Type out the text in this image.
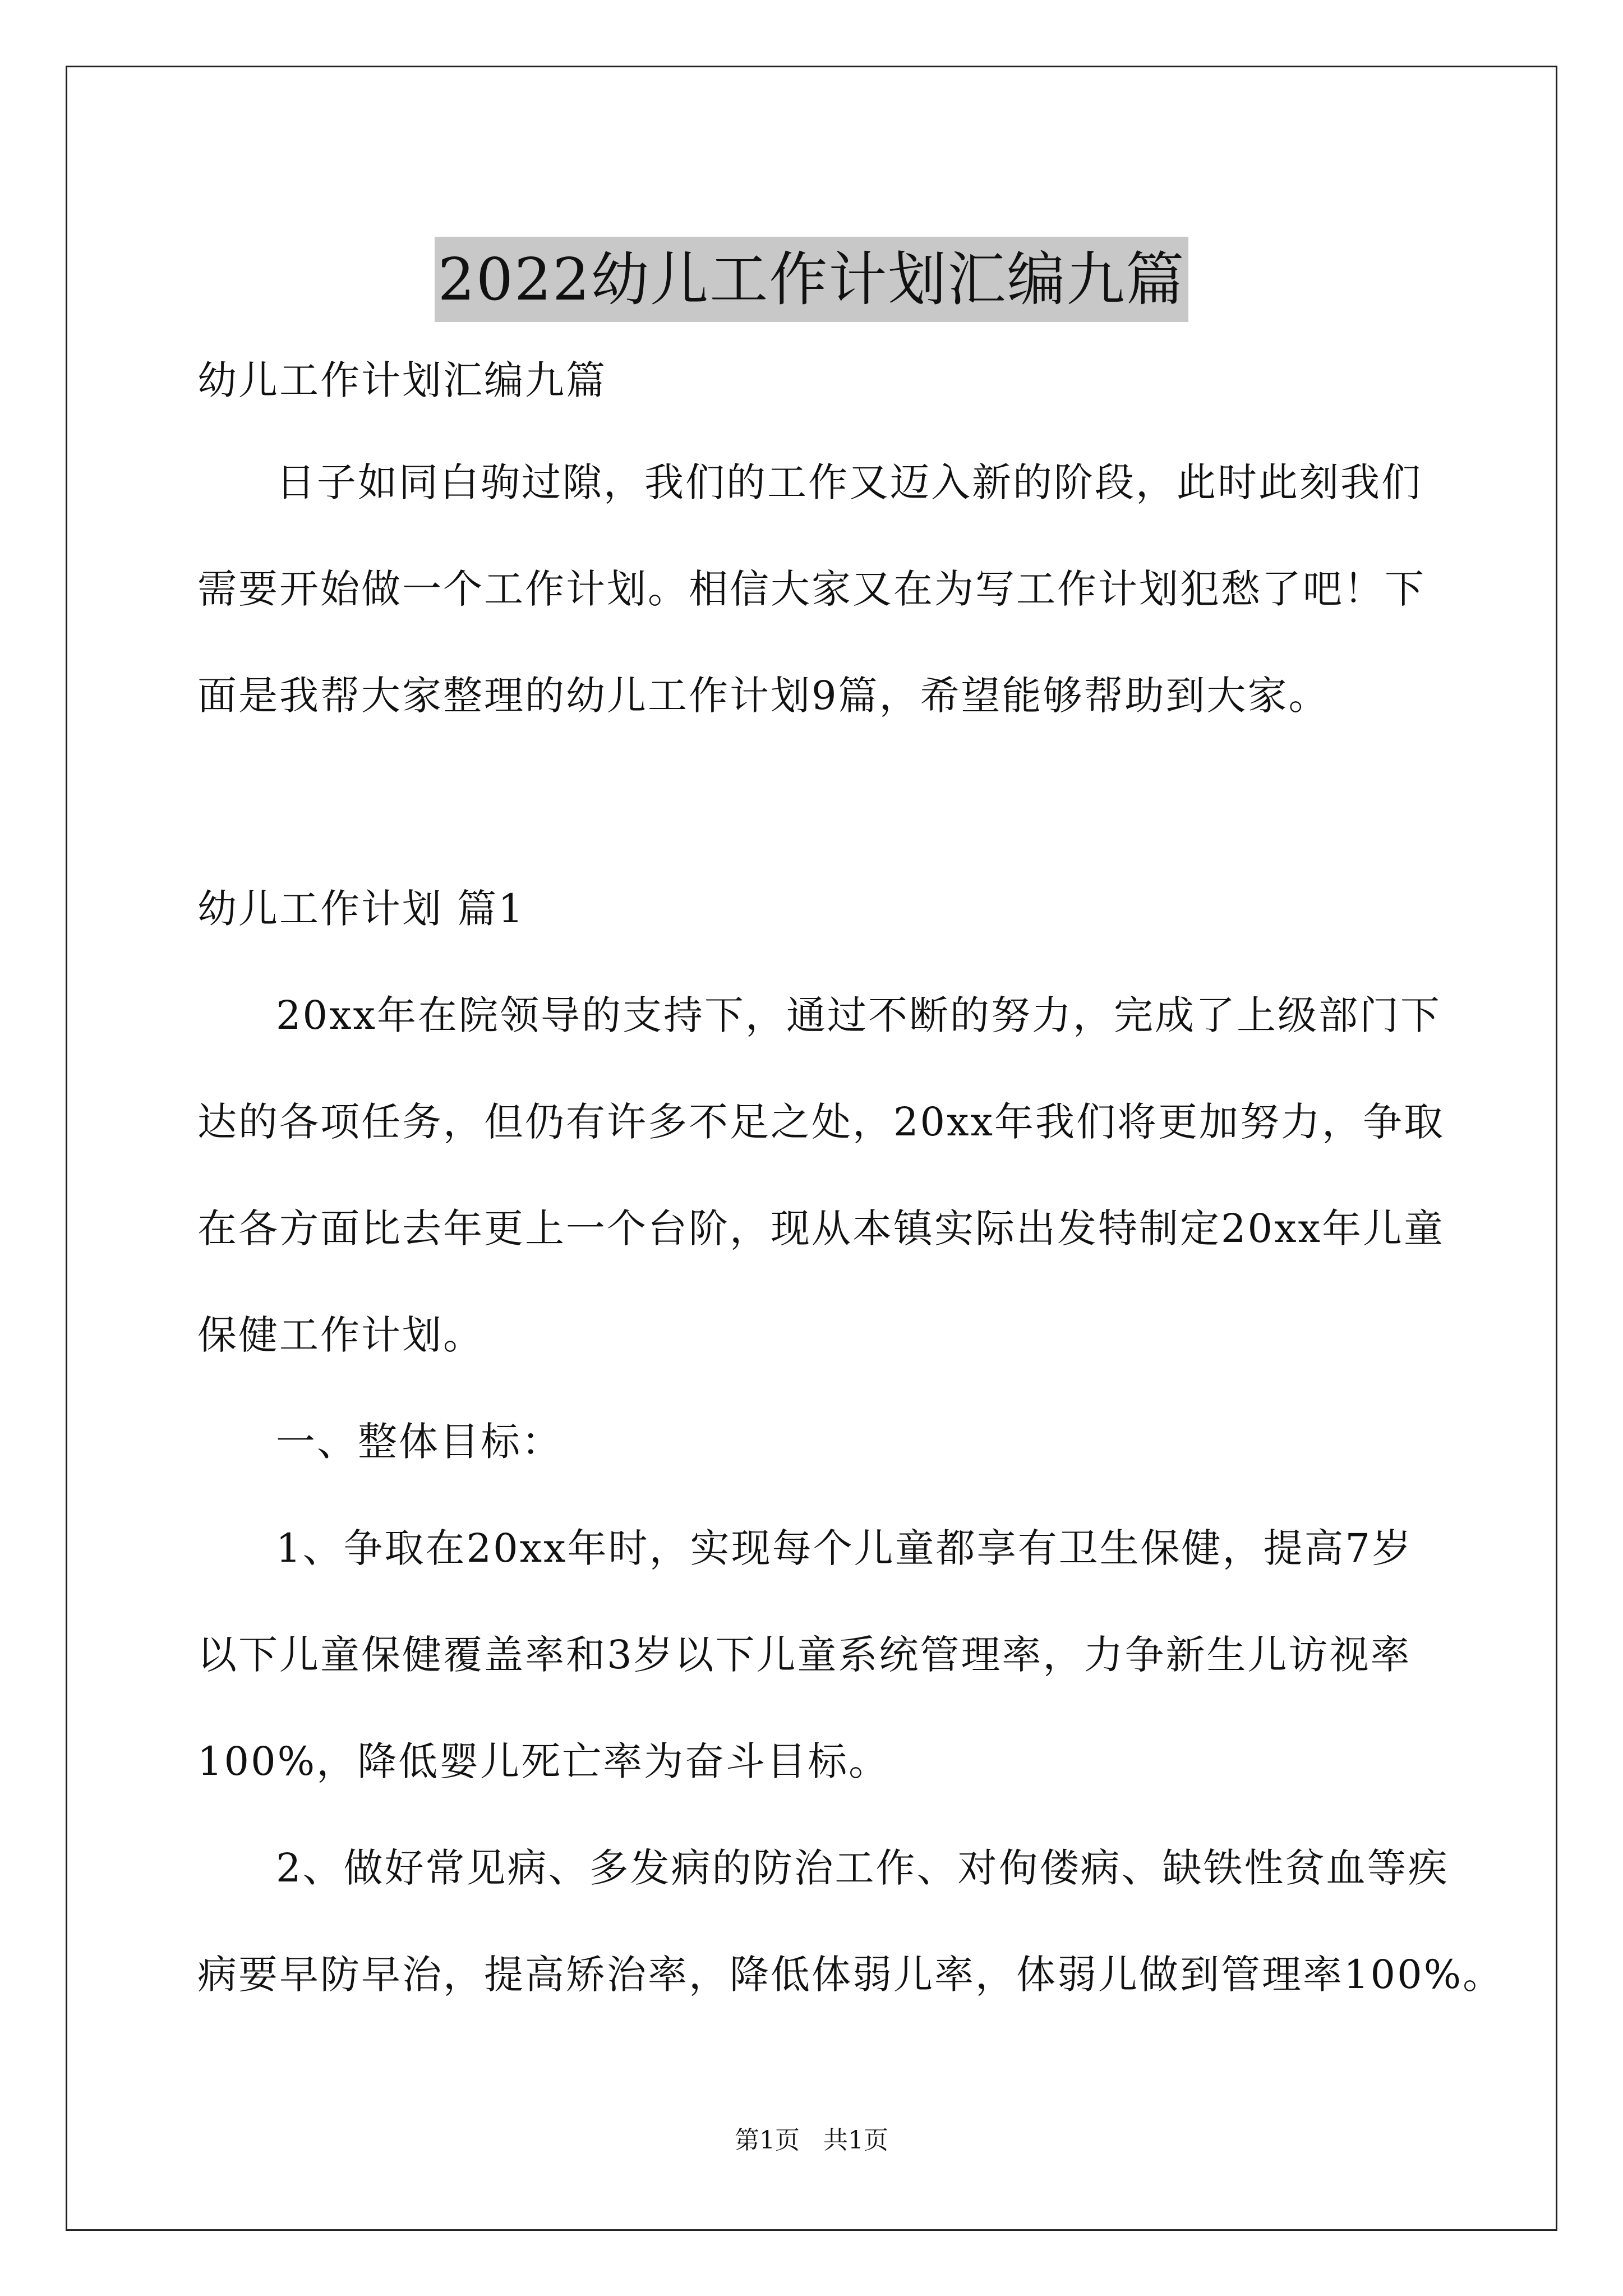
2022幼儿工作计划汇编九篇
幼儿工作计划汇编九篇
日子如同白驹过隙，我们的工作又迈入新的阶段，此时此刻我们
需要开始做一个工作计划。相信大家又在为写工作计划犯愁了吧！下
面是我帮大家整理的幼儿工作计划9篇，希望能够帮助到大家。
幼儿工作计划 篇1
20xx年在院领导的支持下，通过不断的努力，完成了上级部门下
达的各项任务，但仍有许多不足之处，20xx年我们将更加努力，争取
在各方面比去年更上一个台阶，现从本镇实际出发特制定20xx年儿童
保健工作计划。
一、整体目标：
1、争取在20xx年时，实现每个儿童都享有卫生保健，提高7岁
以下儿童保健覆盖率和3岁以下儿童系统管理率，力争新生儿访视率
100%，降低婴儿死亡率为奋斗目标。
2、做好常见病、多发病的防治工作、对佝偻病、缺铁性贫血等疾
病要早防早治，提高矫治率，降低体弱儿率，体弱儿做到管理率100%。
第1页   共1页
